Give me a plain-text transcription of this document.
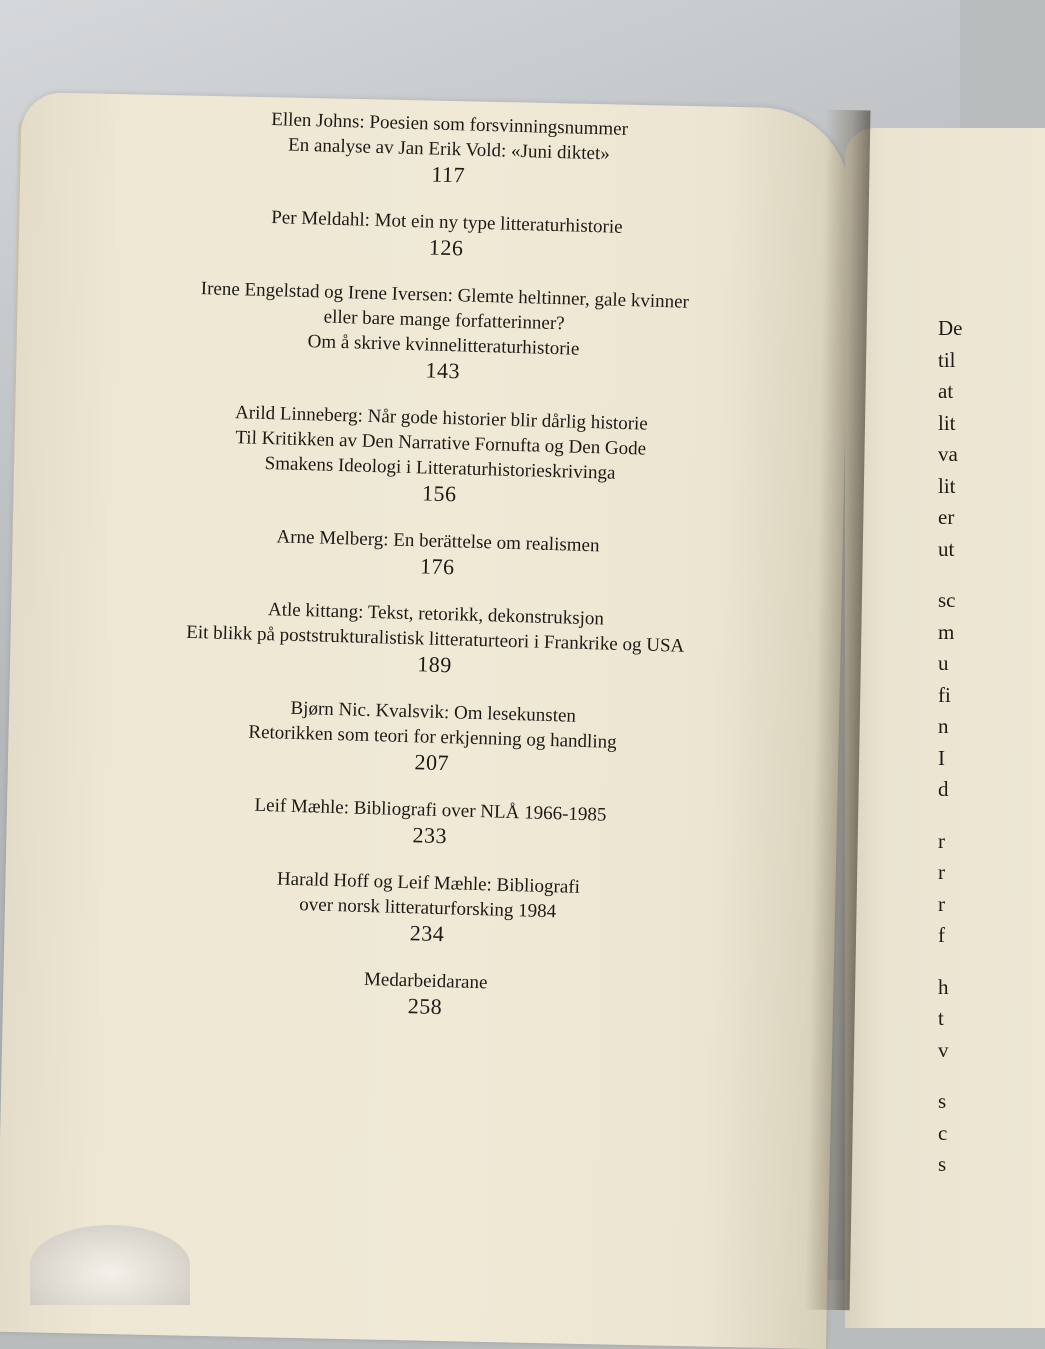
De
til
at
lit
va
lit
er
ut
sc
m
u
fi
n
I
d
r
r
r
f
h
t
v
s
c
s
Ellen Johns: Poesien som forsvinningsnummer
En analyse av Jan Erik Vold: «Juni diktet»
117
Per Meldahl: Mot ein ny type litteraturhistorie
126
Irene Engelstad og Irene Iversen: Glemte heltinner, gale kvinner
eller bare mange forfatterinner?
Om å skrive kvinnelitteraturhistorie
143
Arild Linneberg: Når gode historier blir dårlig historie
Til Kritikken av Den Narrative Fornufta og Den Gode
Smakens Ideologi i Litteraturhistorieskrivinga
156
Arne Melberg: En berättelse om realismen
176
Atle kittang: Tekst, retorikk, dekonstruksjon
Eit blikk på poststrukturalistisk litteraturteori i Frankrike og USA
189
Bjørn Nic. Kvalsvik: Om lesekunsten
Retorikken som teori for erkjenning og handling
207
Leif Mæhle: Bibliografi over NLÅ 1966-1985
233
Harald Hoff og Leif Mæhle: Bibliografi
over norsk litteraturforsking 1984
234
Medarbeidarane
258
